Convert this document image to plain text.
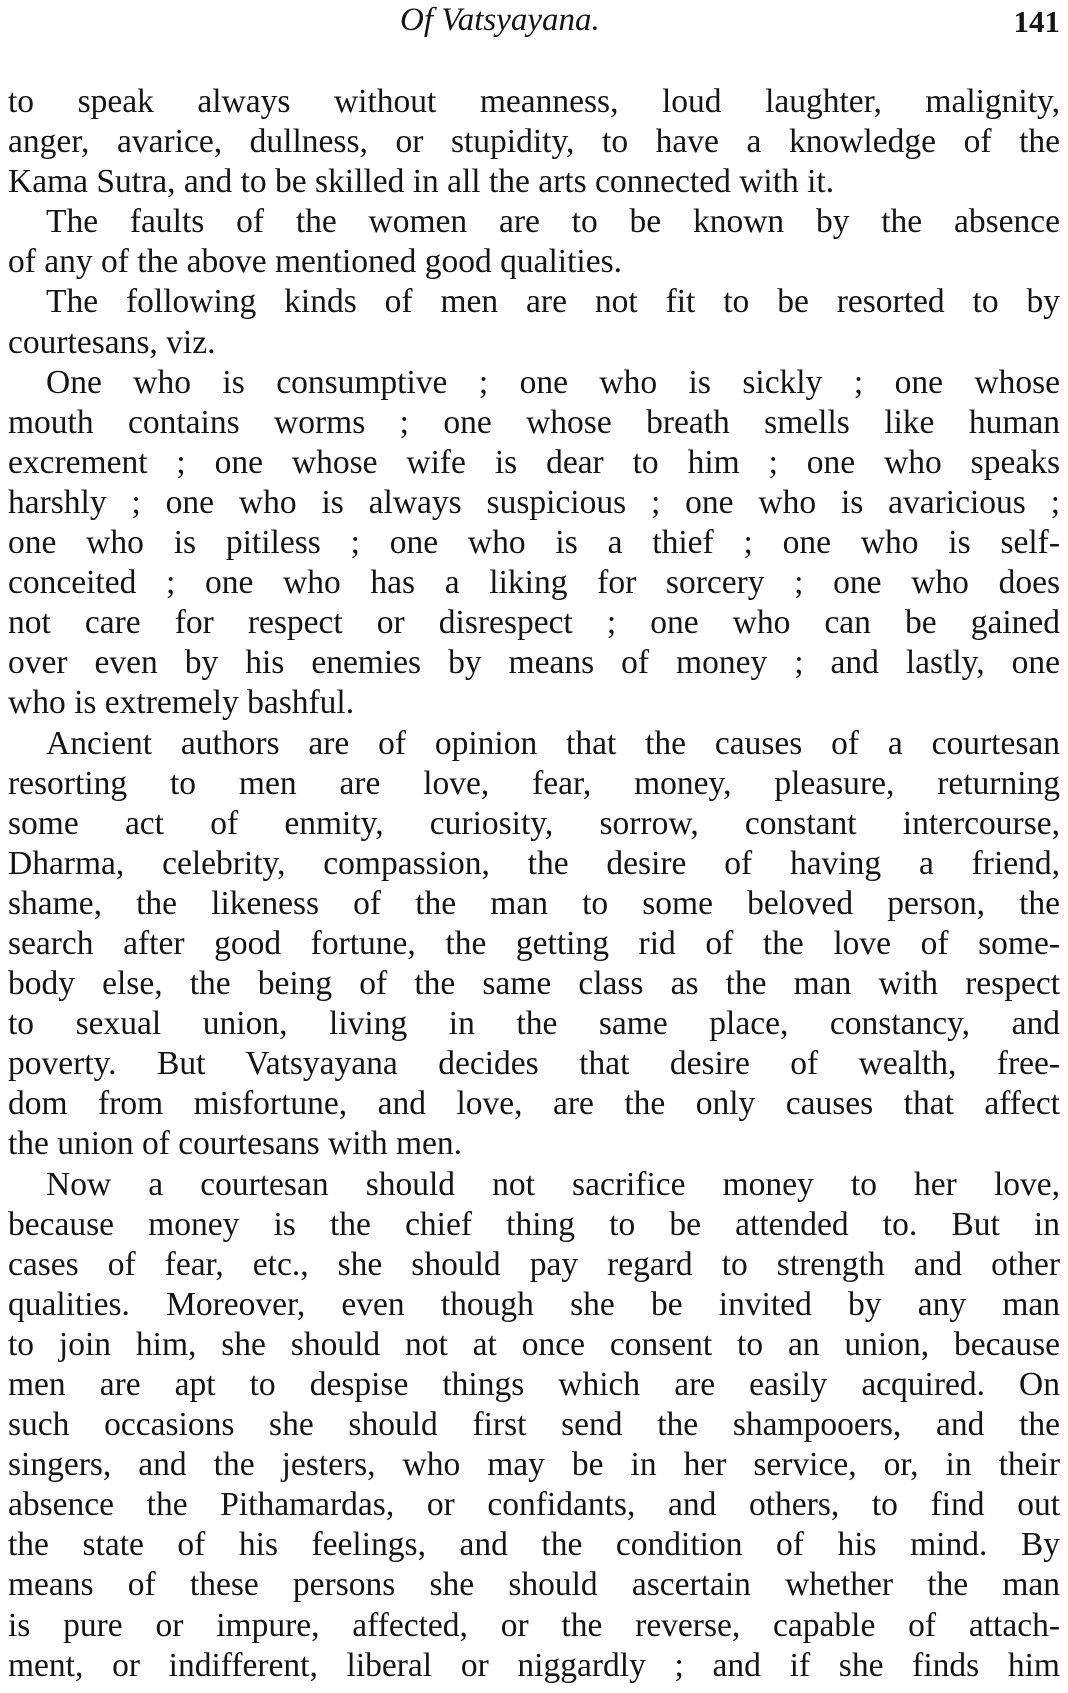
Of Vatsyayana.	141
to speak always without meanness, loud laughter, malignity,
anger, avarice, dullness, or stupidity, to have a knowledge of the
Kama Sutra, and to be skilled in all the arts connected with it.
The faults of the women are to be known by the absence
of any of the above mentioned good qualities.
The following kinds of men are not fit to be resorted to by
courtesans, viz.
One who is consumptive ; one who is sickly ; one whose
mouth contains worms ; one whose breath smells like human
excrement ; one whose wife is dear to him ; one who speaks
harshly ; one who is always suspicious ; one who is avaricious ;
one who is pitiless ; one who is a thief ; one who is self-
conceited ; one who has a liking for sorcery ; one who does
not care for respect or disrespect ; one who can be gained
over even by his enemies by means of money ; and lastly, one
who is extremely bashful.
Ancient authors are of opinion that the causes of a courtesan
resorting to men are love, fear, money, pleasure, returning
some act of enmity, curiosity, sorrow, constant intercourse,
Dharma, celebrity, compassion, the desire of having a friend,
shame, the likeness of the man to some beloved person, the
search after good fortune, the getting rid of the love of some-
body else, the being of the same class as the man with respect
to sexual union, living in the same place, constancy, and
poverty. But Vatsyayana decides that desire of wealth, free-
dom from misfortune, and love, are the only causes that affect
the union of courtesans with men.
Now a courtesan should not sacrifice money to her love,
because money is the chief thing to be attended to. But in
cases of fear, etc., she should pay regard to strength and other
qualities. Moreover, even though she be invited by any man
to join him, she should not at once consent to an union, because
men are apt to despise things which are easily acquired. On
such occasions she should first send the shampooers, and the
singers, and the jesters, who may be in her service, or, in their
absence the Pithamardas, or confidants, and others, to find out
the state of his feelings, and the condition of his mind. By
means of these persons she should ascertain whether the man
is pure or impure, affected, or the reverse, capable of attach-
ment, or indifferent, liberal or niggardly ; and if she finds him
